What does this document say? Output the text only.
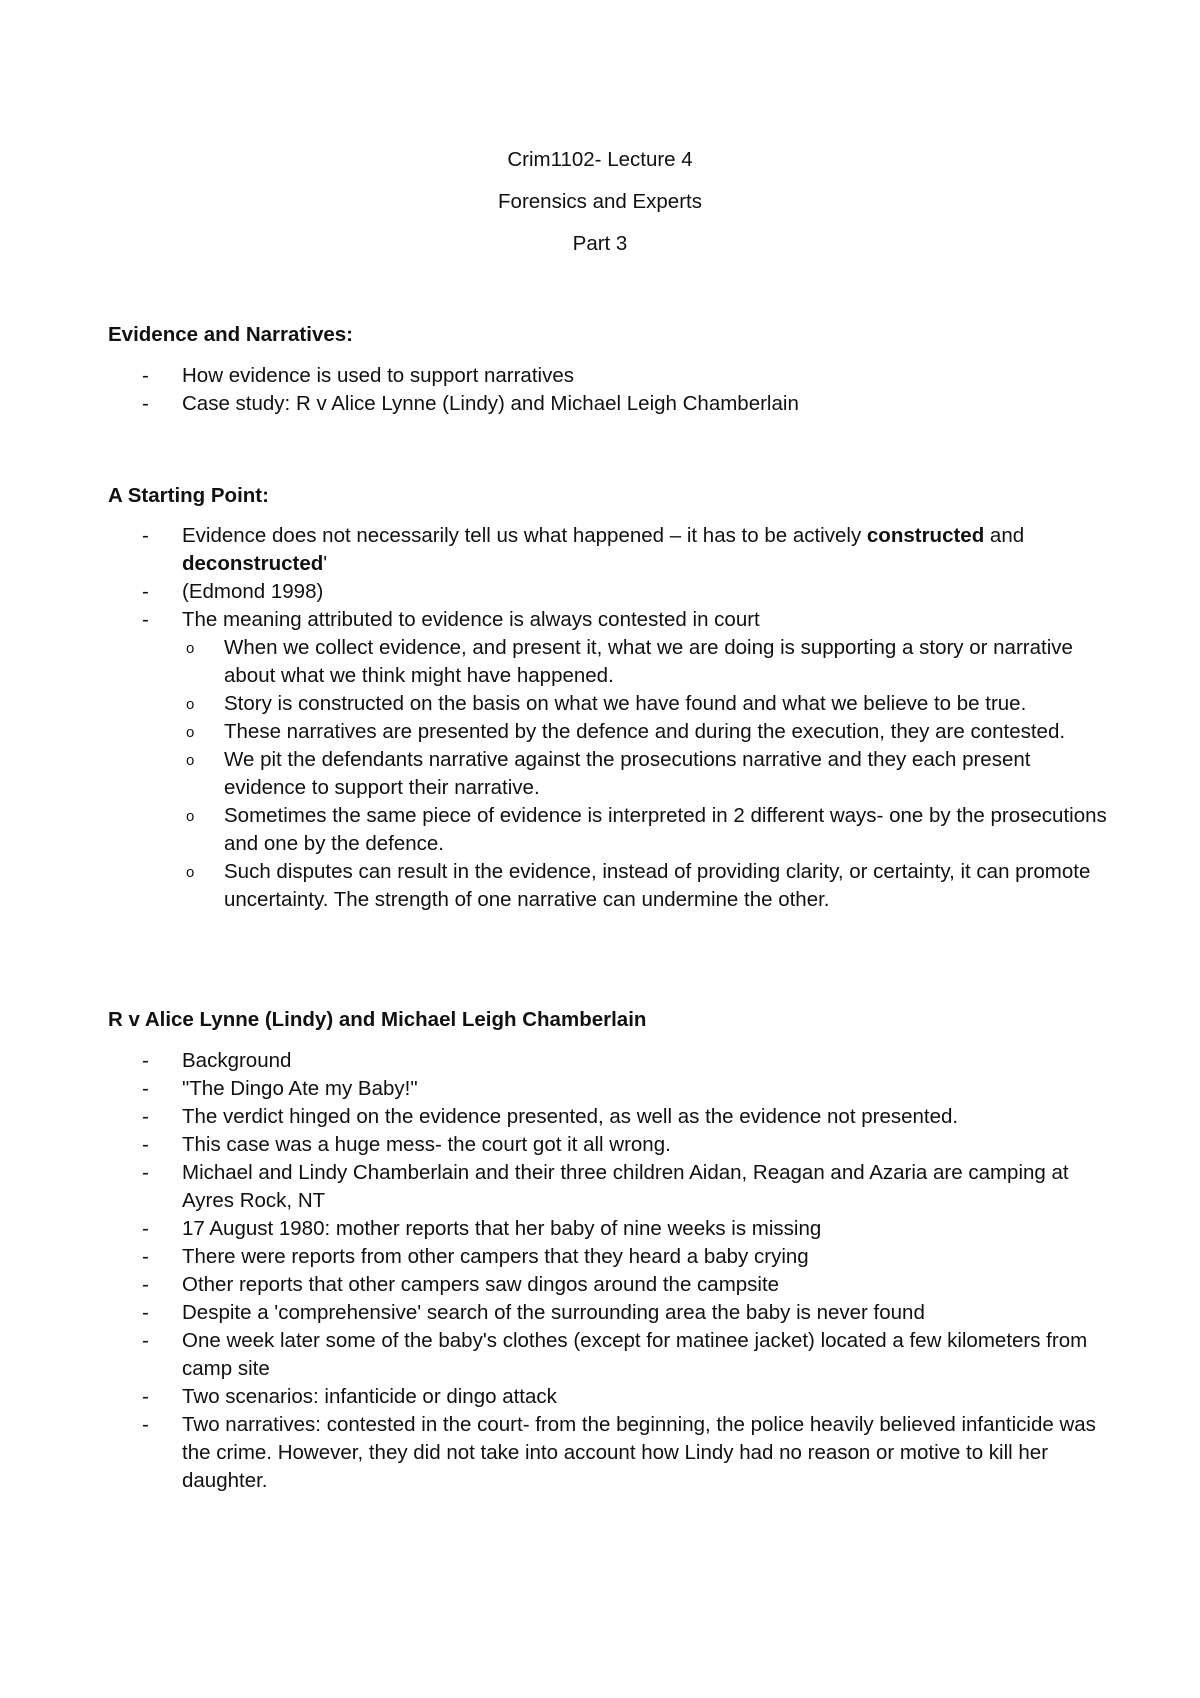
Crim1102- Lecture 4
Forensics and Experts
Part 3

Evidence and Narratives:

- How evidence is used to support narratives
- Case study: R v Alice Lynne (Lindy) and Michael Leigh Chamberlain

A Starting Point:

- Evidence does not necessarily tell us what happened – it has to be actively constructed and deconstructed'
- (Edmond 1998)
- The meaning attributed to evidence is always contested in court
o When we collect evidence, and present it, what we are doing is supporting a story or narrative about what we think might have happened.
o Story is constructed on the basis on what we have found and what we believe to be true.
o These narratives are presented by the defence and during the execution, they are contested.
o We pit the defendants narrative against the prosecutions narrative and they each present evidence to support their narrative.
o Sometimes the same piece of evidence is interpreted in 2 different ways- one by the prosecutions and one by the defence.
o Such disputes can result in the evidence, instead of providing clarity, or certainty, it can promote uncertainty. The strength of one narrative can undermine the other.

R v Alice Lynne (Lindy) and Michael Leigh Chamberlain

- Background
- "The Dingo Ate my Baby!"
- The verdict hinged on the evidence presented, as well as the evidence not presented.
- This case was a huge mess- the court got it all wrong.
- Michael and Lindy Chamberlain and their three children Aidan, Reagan and Azaria are camping at Ayres Rock, NT
- 17 August 1980: mother reports that her baby of nine weeks is missing
- There were reports from other campers that they heard a baby crying
- Other reports that other campers saw dingos around the campsite
- Despite a 'comprehensive' search of the surrounding area the baby is never found
- One week later some of the baby's clothes (except for matinee jacket) located a few kilometers from camp site
- Two scenarios: infanticide or dingo attack
- Two narratives: contested in the court- from the beginning, the police heavily believed infanticide was the crime. However, they did not take into account how Lindy had no reason or motive to kill her daughter.
